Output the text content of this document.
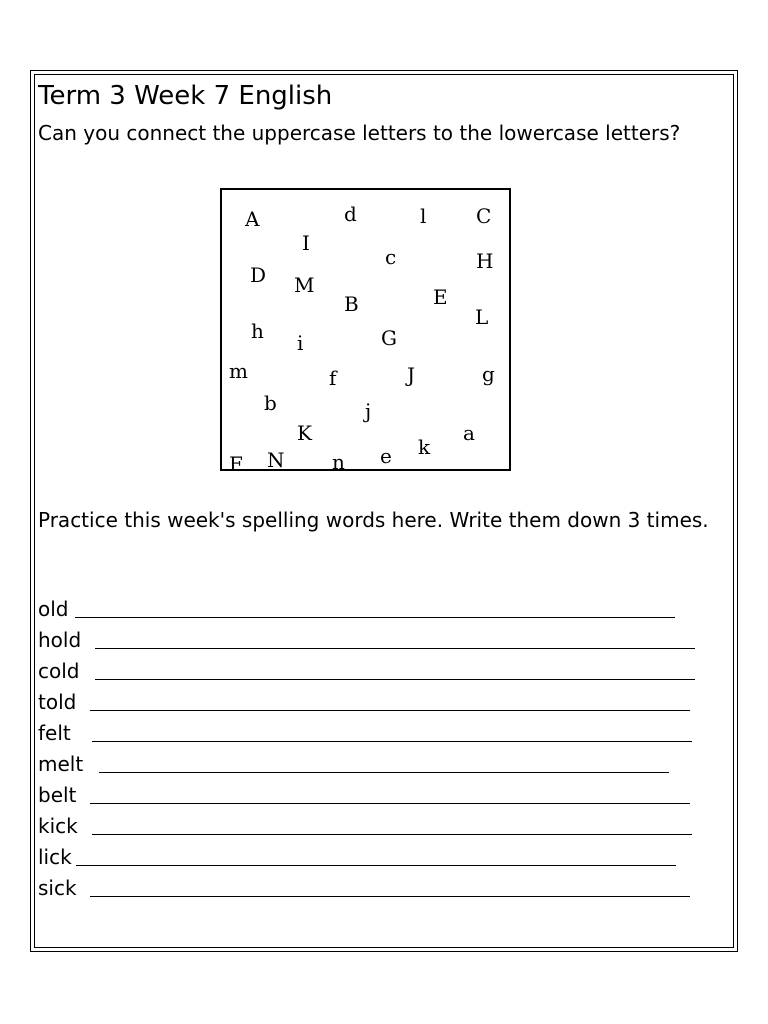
Term 3 Week 7 English
Can you connect the uppercase letters to the lowercase letters?
A	d	l C
I
c	H
D M	E
B
L
h i	G
m	f	J	g
b	j
K	a
k
F N n e
Practice this week's spelling words here. Write them down 3 times.
old
hold
cold
told
felt
melt
belt
kick
lick
sick
